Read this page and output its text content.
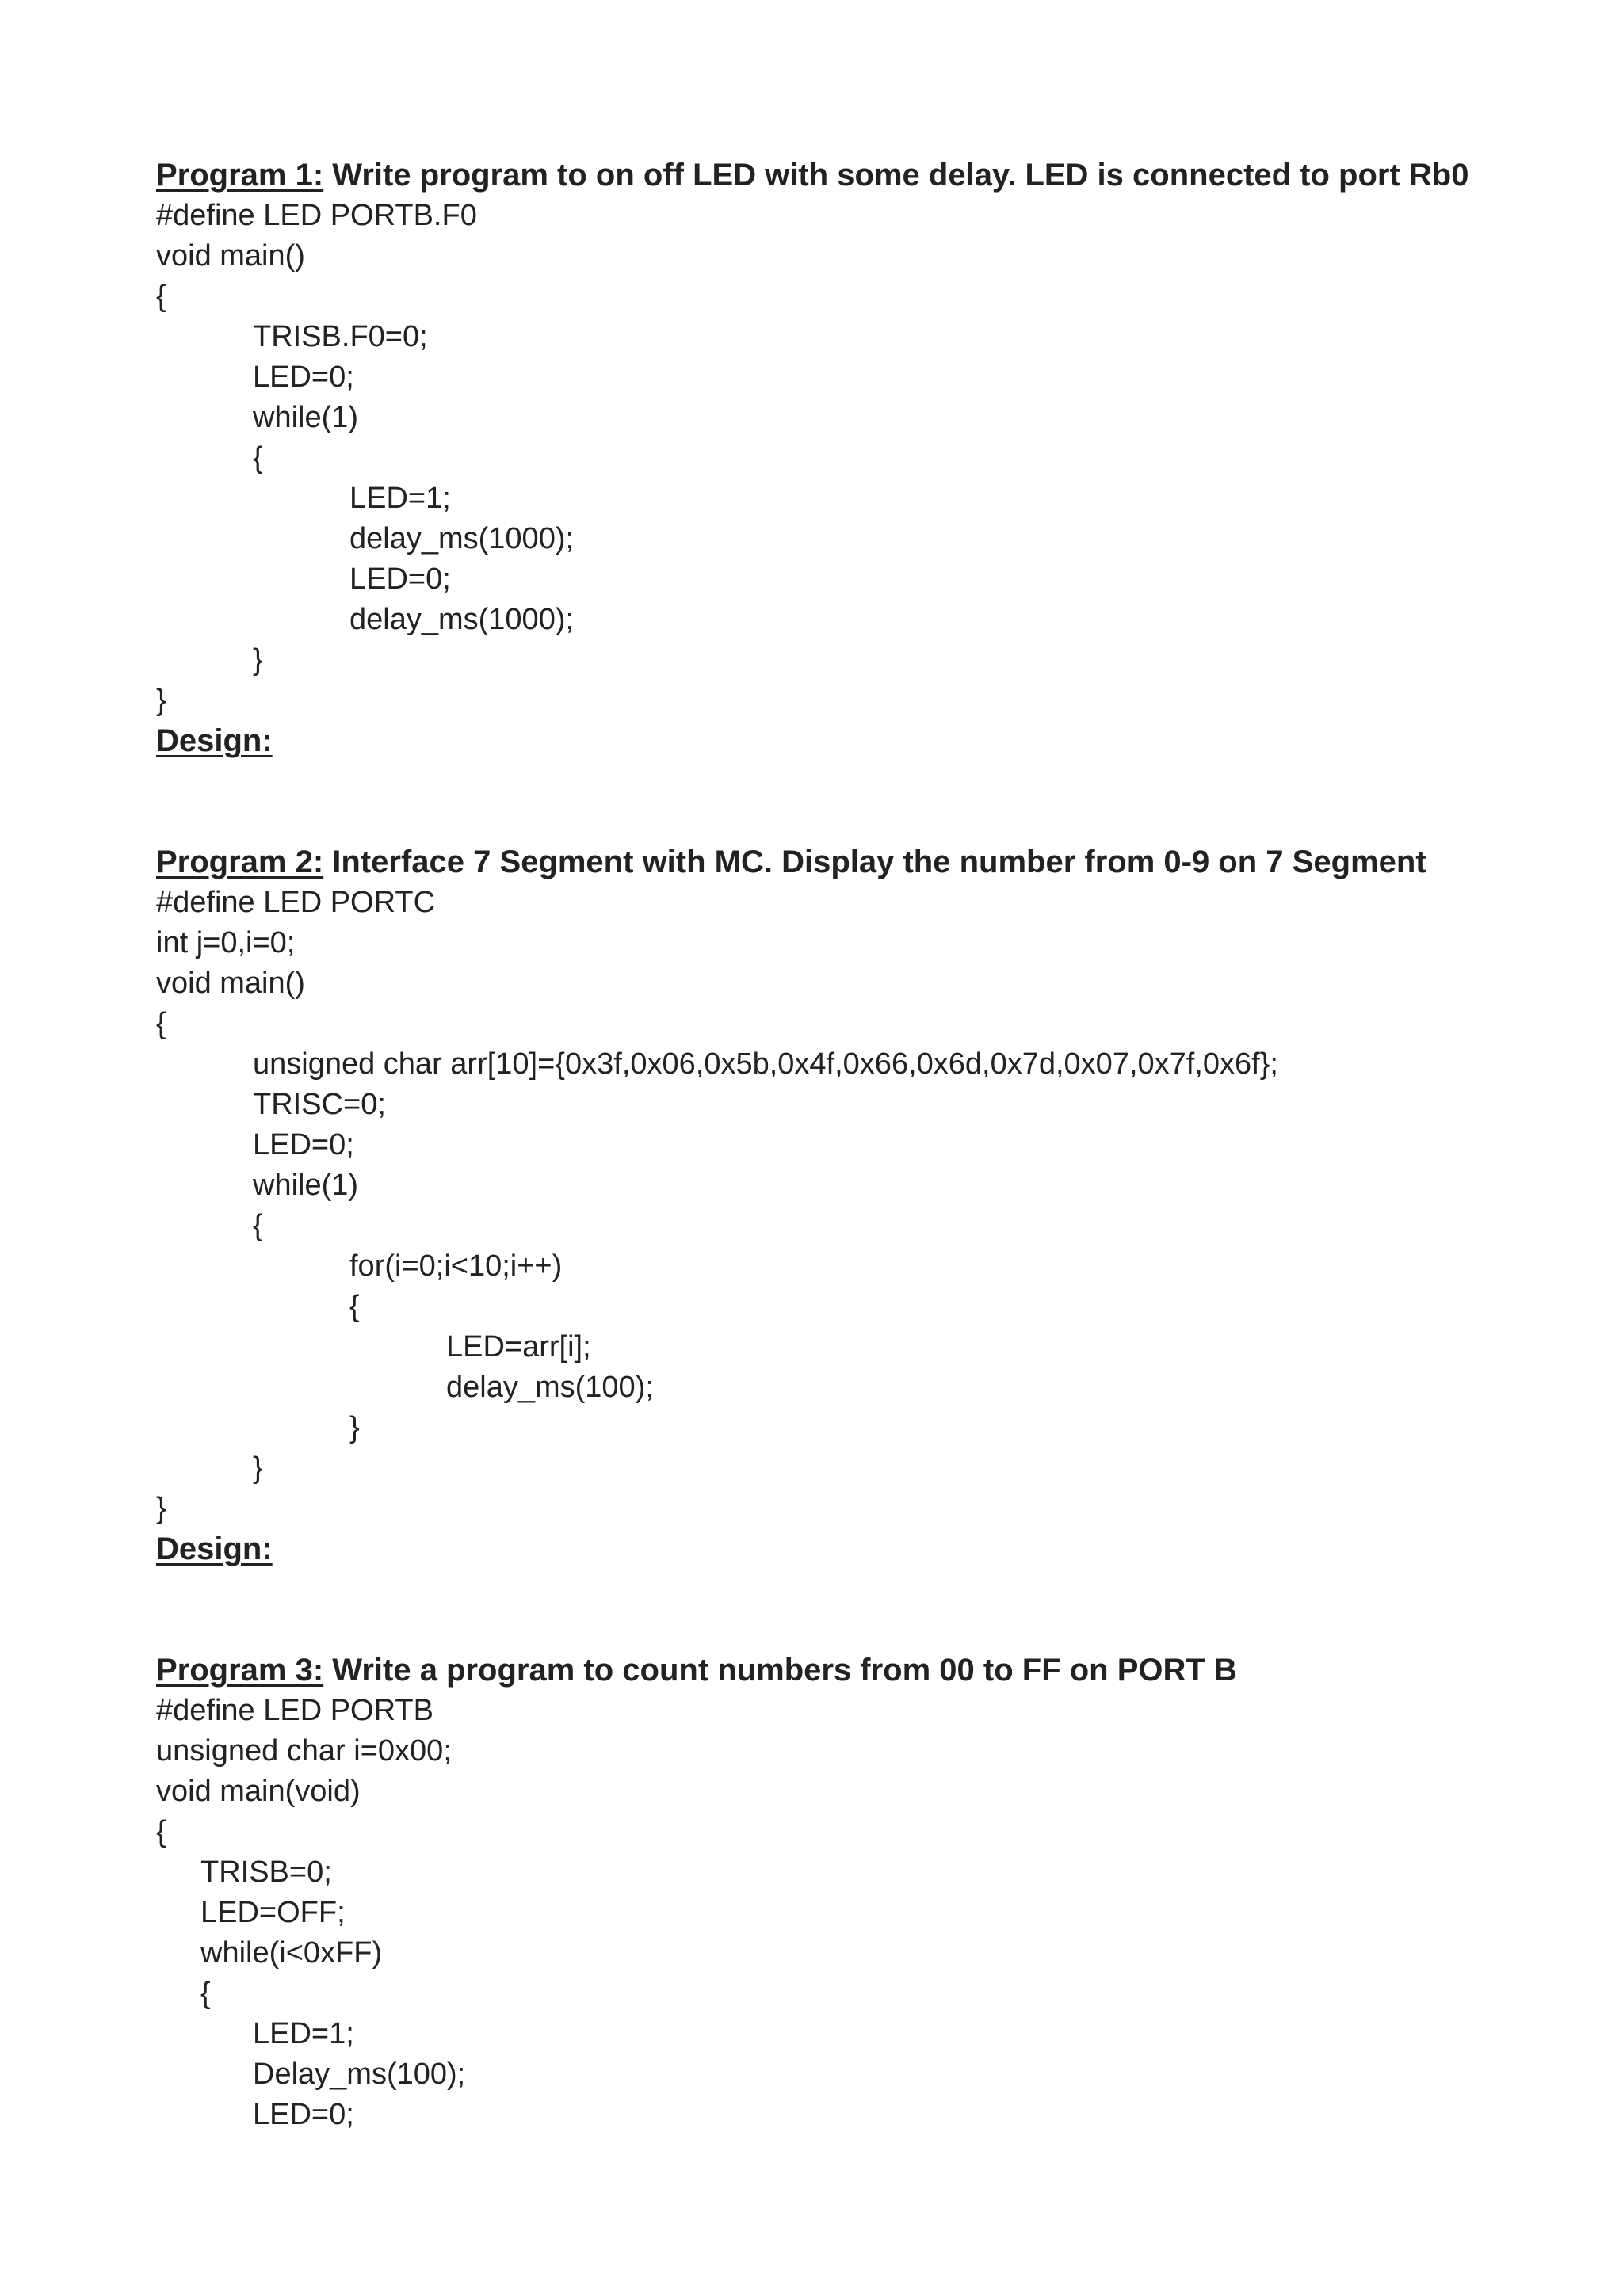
Program 1: Write program to on off LED with some delay. LED is connected to port Rb0
#define LED PORTB.F0
void main()
{
TRISB.F0=0;
LED=0;
while(1)
{
LED=1;
delay_ms(1000);
LED=0;
delay_ms(1000);
}
}
Design:
Program 2: Interface 7 Segment with MC. Display the number from 0-9 on 7 Segment
#define LED PORTC
int j=0,i=0;
void main()
{
unsigned char arr[10]={0x3f,0x06,0x5b,0x4f,0x66,0x6d,0x7d,0x07,0x7f,0x6f};
TRISC=0;
LED=0;
while(1)
{
for(i=0;i<10;i++)
{
LED=arr[i];
delay_ms(100);
}
}
}
Design:
Program 3: Write a program to count numbers from 00 to FF on PORT B
#define LED PORTB
unsigned char i=0x00;
void main(void)
{
TRISB=0;
LED=OFF;
while(i<0xFF)
{
LED=1;
Delay_ms(100);
LED=0;
